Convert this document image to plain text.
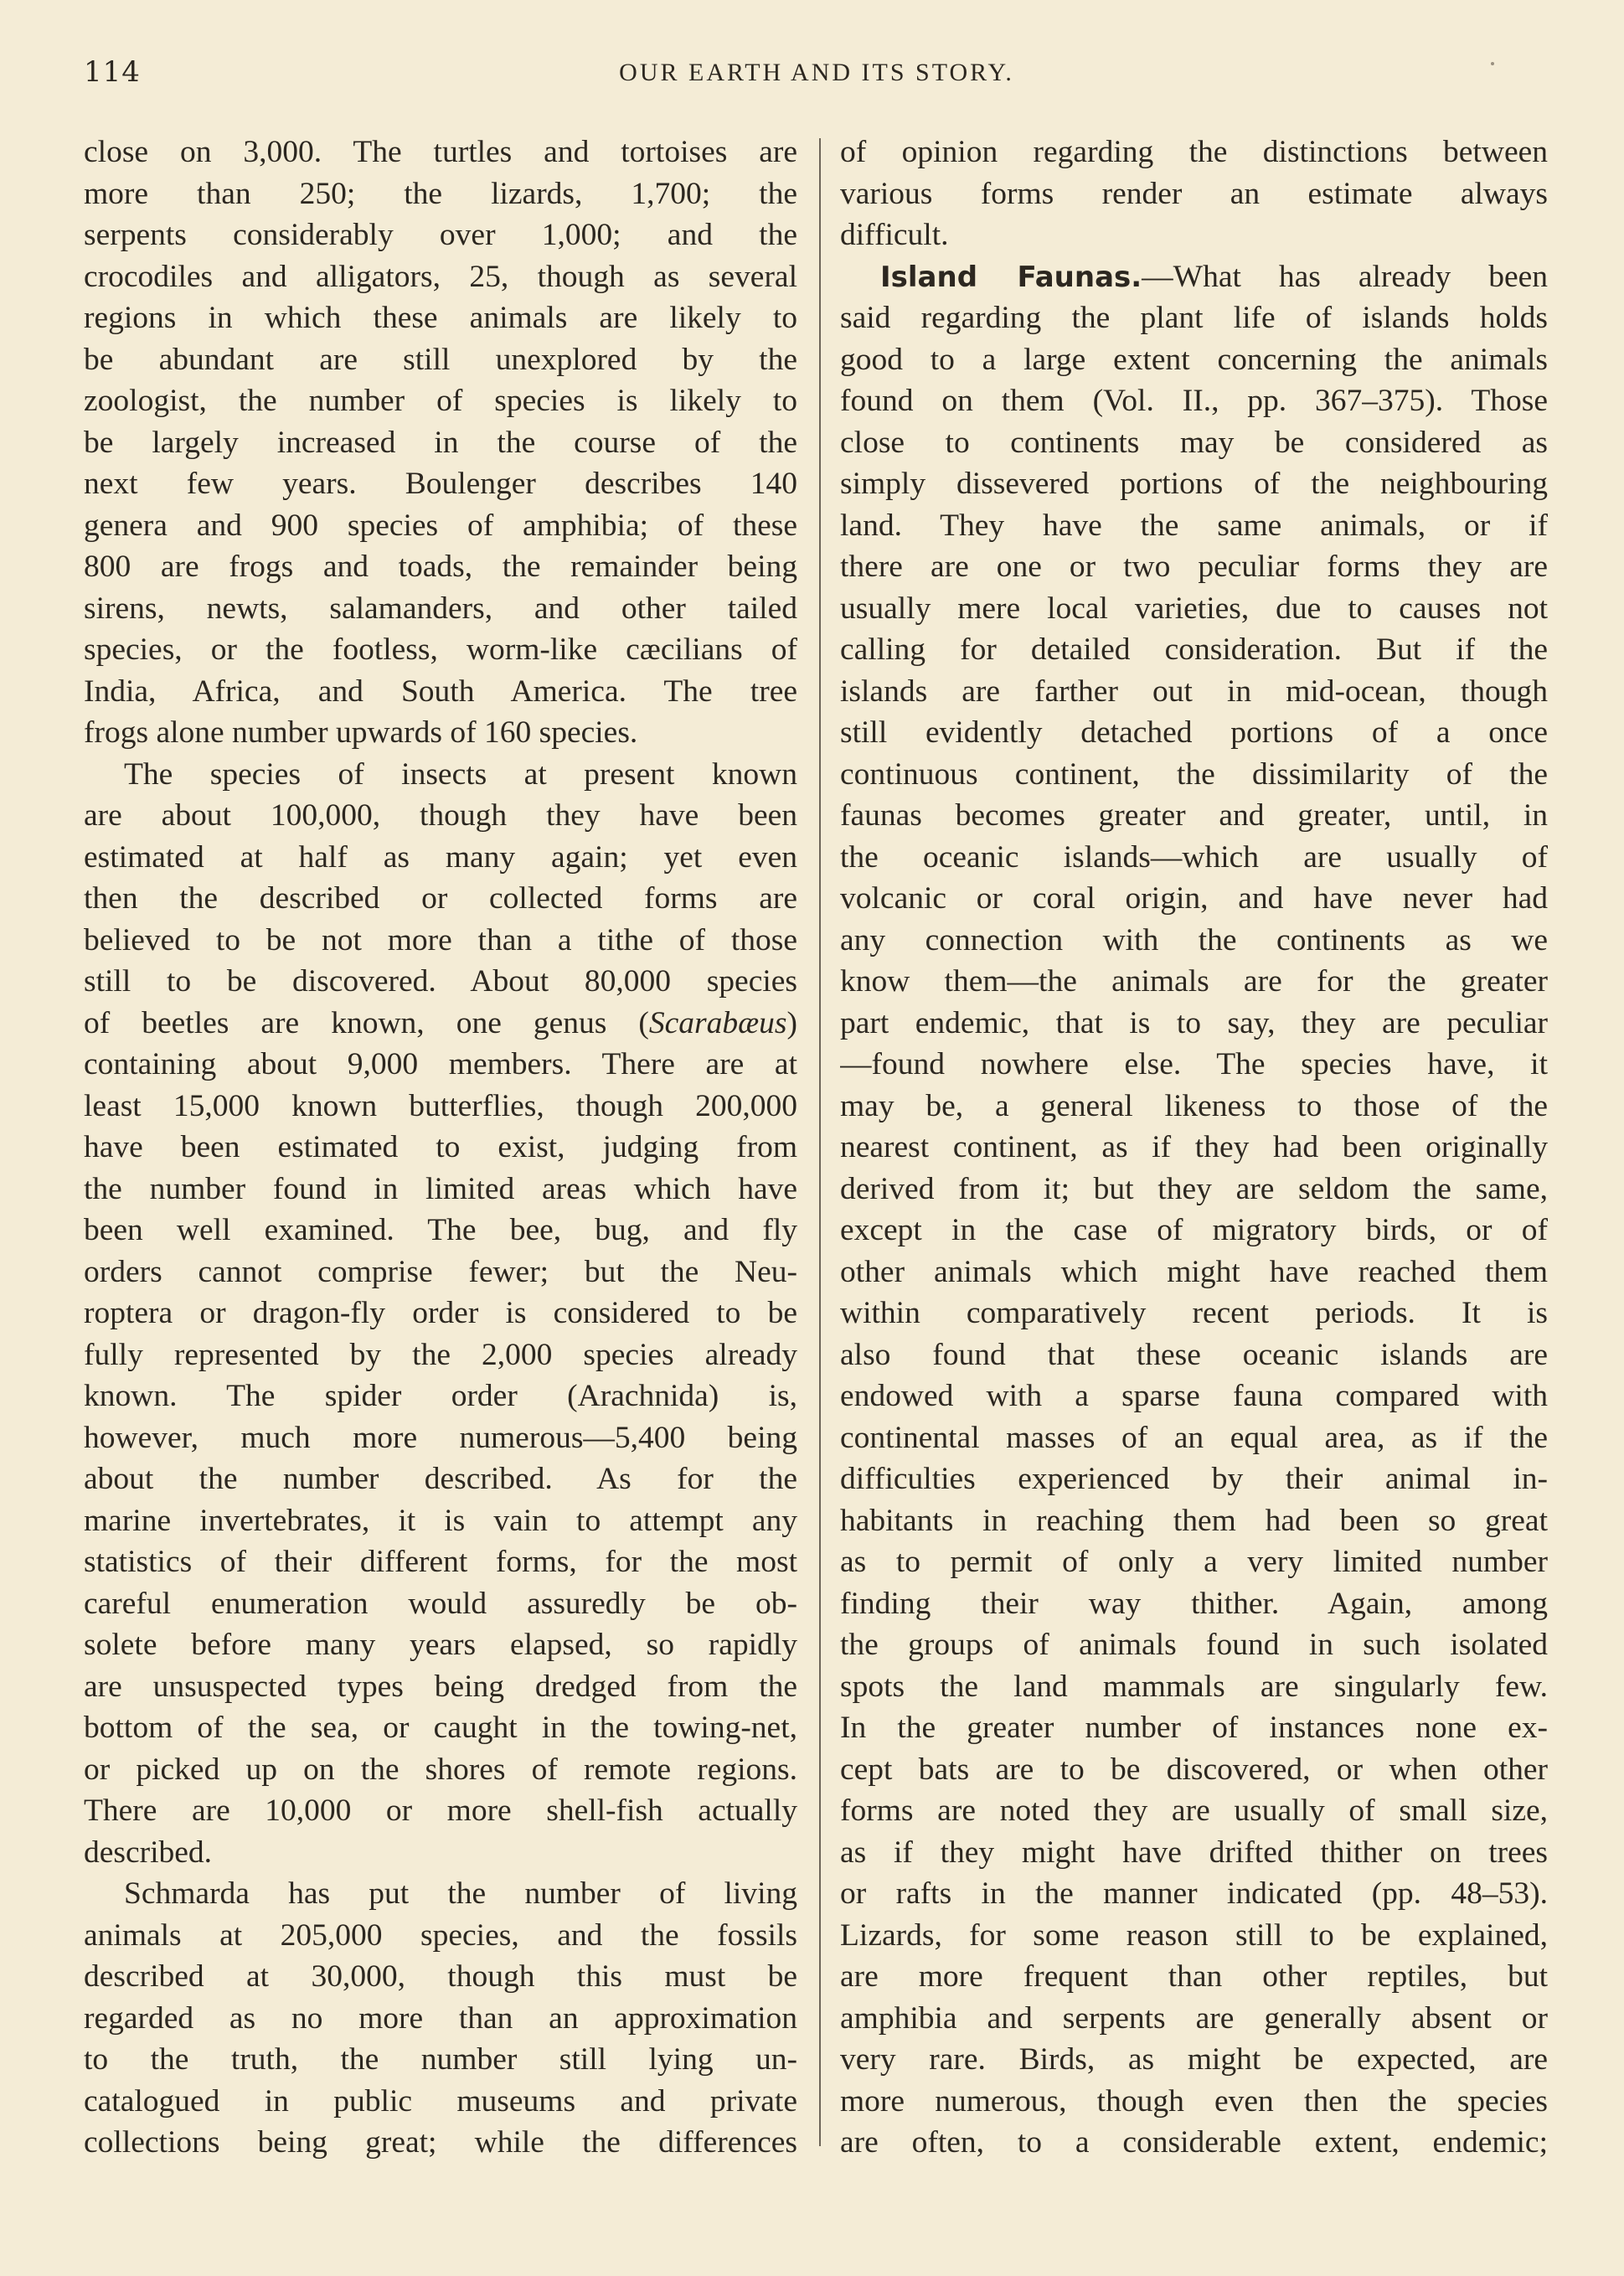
114	OUR EARTH AND ITS STORY.
close on 3,000. The turtles and tortoises are
more than 250; the lizards, 1,700; the
serpents considerably over 1,000; and the
crocodiles and alligators, 25, though as several
regions in which these animals are likely to
be abundant are still unexplored by the
zoologist, the number of species is likely to
be largely increased in the course of the
next few years. Boulenger describes 140
genera and 900 species of amphibia; of these
800 are frogs and toads, the remainder being
sirens, newts, salamanders, and other tailed
species, or the footless, worm-like cæcilians of
India, Africa, and South America. The tree
frogs alone number upwards of 160 species.
The species of insects at present known
are about 100,000, though they have been
estimated at half as many again; yet even
then the described or collected forms are
believed to be not more than a tithe of those
still to be discovered. About 80,000 species
of beetles are known, one genus (Scarabæus)
containing about 9,000 members. There are at
least 15,000 known butterflies, though 200,000
have been estimated to exist, judging from
the number found in limited areas which have
been well examined. The bee, bug, and fly
orders cannot comprise fewer; but the Neu-
roptera or dragon-fly order is considered to be
fully represented by the 2,000 species already
known. The spider order (Arachnida) is,
however, much more numerous—5,400 being
about the number described. As for the
marine invertebrates, it is vain to attempt any
statistics of their different forms, for the most
careful enumeration would assuredly be ob-
solete before many years elapsed, so rapidly
are unsuspected types being dredged from the
bottom of the sea, or caught in the towing-net,
or picked up on the shores of remote regions.
There are 10,000 or more shell-fish actually
described.
Schmarda has put the number of living
animals at 205,000 species, and the fossils
described at 30,000, though this must be
regarded as no more than an approximation
to the truth, the number still lying un-
catalogued in public museums and private
collections being great; while the differences
of opinion regarding the distinctions between
various forms render an estimate always
difficult.
Island Faunas.—What has already been
said regarding the plant life of islands holds
good to a large extent concerning the animals
found on them (Vol. II., pp. 367–375). Those
close to continents may be considered as
simply dissevered portions of the neighbouring
land. They have the same animals, or if
there are one or two peculiar forms they are
usually mere local varieties, due to causes not
calling for detailed consideration. But if the
islands are farther out in mid-ocean, though
still evidently detached portions of a once
continuous continent, the dissimilarity of the
faunas becomes greater and greater, until, in
the oceanic islands—which are usually of
volcanic or coral origin, and have never had
any connection with the continents as we
know them—the animals are for the greater
part endemic, that is to say, they are peculiar
—found nowhere else. The species have, it
may be, a general likeness to those of the
nearest continent, as if they had been originally
derived from it; but they are seldom the same,
except in the case of migratory birds, or of
other animals which might have reached them
within comparatively recent periods. It is
also found that these oceanic islands are
endowed with a sparse fauna compared with
continental masses of an equal area, as if the
difficulties experienced by their animal in-
habitants in reaching them had been so great
as to permit of only a very limited number
finding their way thither. Again, among
the groups of animals found in such isolated
spots the land mammals are singularly few.
In the greater number of instances none ex-
cept bats are to be discovered, or when other
forms are noted they are usually of small size,
as if they might have drifted thither on trees
or rafts in the manner indicated (pp. 48–53).
Lizards, for some reason still to be explained,
are more frequent than other reptiles, but
amphibia and serpents are generally absent or
very rare. Birds, as might be expected, are
more numerous, though even then the species
are often, to a considerable extent, endemic;
